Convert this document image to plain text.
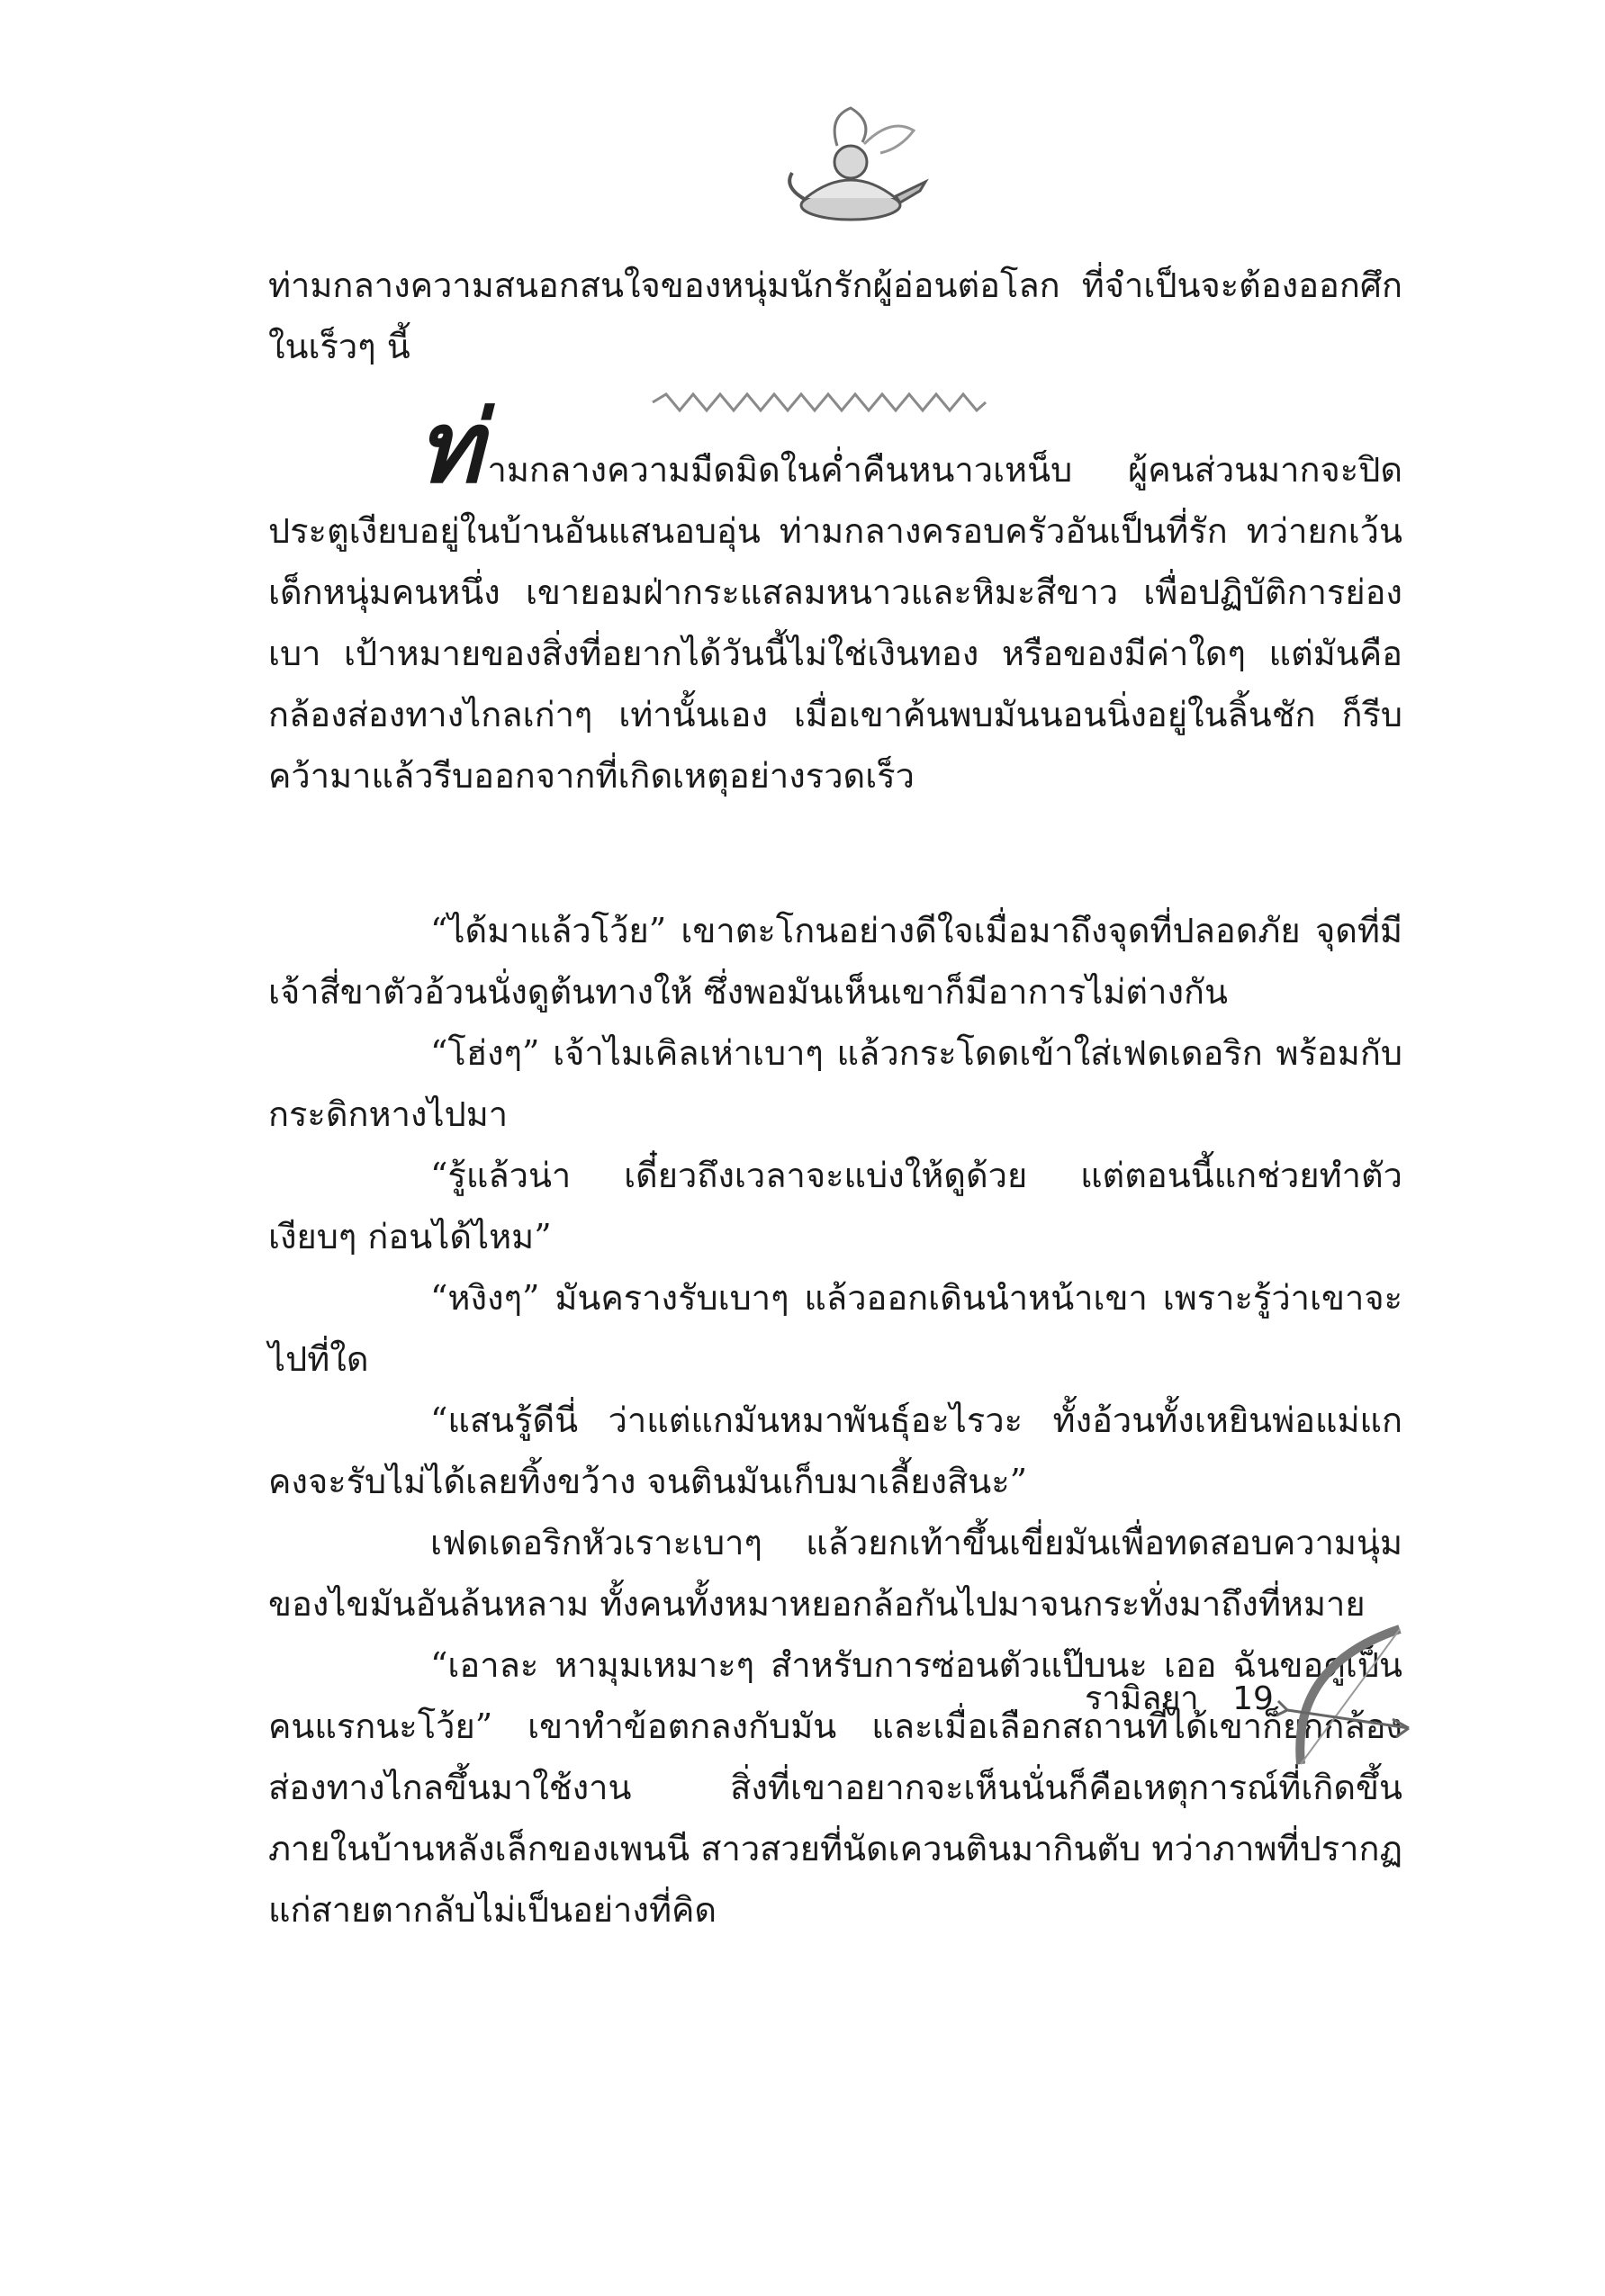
ท่ามกลางความสนอกสนใจของหนุ่มนักรักผู้อ่อนต่อโลก ที่จำเป็นจะต้องออกศึกในเร็วๆ นี้

ท่ามกลางความมืดมิดในค่ำคืนหนาวเหน็บ ผู้คนส่วนมากจะปิดประตูเงียบอยู่ในบ้านอันแสนอบอุ่น ท่ามกลางครอบครัวอันเป็นที่รัก ทว่ายกเว้นเด็กหนุ่มคนหนึ่ง เขายอมฝ่ากระแสลมหนาวและหิมะสีขาว เพื่อปฏิบัติการย่องเบา เป้าหมายของสิ่งที่อยากได้วันนี้ไม่ใช่เงินทอง หรือของมีค่าใดๆ แต่มันคือกล้องส่องทางไกลเก่าๆ เท่านั้นเอง เมื่อเขาค้นพบมันนอนนิ่งอยู่ในลิ้นชัก ก็รีบคว้ามาแล้วรีบออกจากที่เกิดเหตุอย่างรวดเร็ว

“ได้มาแล้วโว้ย” เขาตะโกนอย่างดีใจเมื่อมาถึงจุดที่ปลอดภัย จุดที่มีเจ้าสี่ขาตัวอ้วนนั่งดูต้นทางให้ ซึ่งพอมันเห็นเขาก็มีอาการไม่ต่างกัน

“โฮ่งๆ” เจ้าไมเคิลเห่าเบาๆ แล้วกระโดดเข้าใส่เฟดเดอริก พร้อมกับกระดิกหางไปมา

“รู้แล้วน่า เดี๋ยวถึงเวลาจะแบ่งให้ดูด้วย แต่ตอนนี้แกช่วยทำตัวเงียบๆ ก่อนได้ไหม”

“หงิงๆ” มันครางรับเบาๆ แล้วออกเดินนำหน้าเขา เพราะรู้ว่าเขาจะไปที่ใด

“แสนรู้ดีนี่ ว่าแต่แกมันหมาพันธุ์อะไรวะ ทั้งอ้วนทั้งเหยินพ่อแม่แกคงจะรับไม่ได้เลยทิ้งขว้าง จนตินมันเก็บมาเลี้ยงสินะ”

เฟดเดอริกหัวเราะเบาๆ แล้วยกเท้าขึ้นเขี่ยมันเพื่อทดสอบความนุ่มของไขมันอันล้นหลาม ทั้งคนทั้งหมาหยอกล้อกันไปมาจนกระทั่งมาถึงที่หมาย

“เอาละ หามุมเหมาะๆ สำหรับการซ่อนตัวแป๊บนะ เออ ฉันขอดูเป็นคนแรกนะโว้ย” เขาทำข้อตกลงกับมัน และเมื่อเลือกสถานที่ได้เขาก็ยกกล้องส่องทางไกลขึ้นมาใช้งาน สิ่งที่เขาอยากจะเห็นนั่นก็คือเหตุการณ์ที่เกิดขึ้นภายในบ้านหลังเล็กของเพนนี สาวสวยที่นัดเควนตินมากินตับ ทว่าภาพที่ปรากฏแก่สายตากลับไม่เป็นอย่างที่คิด

รามิลยา 19
